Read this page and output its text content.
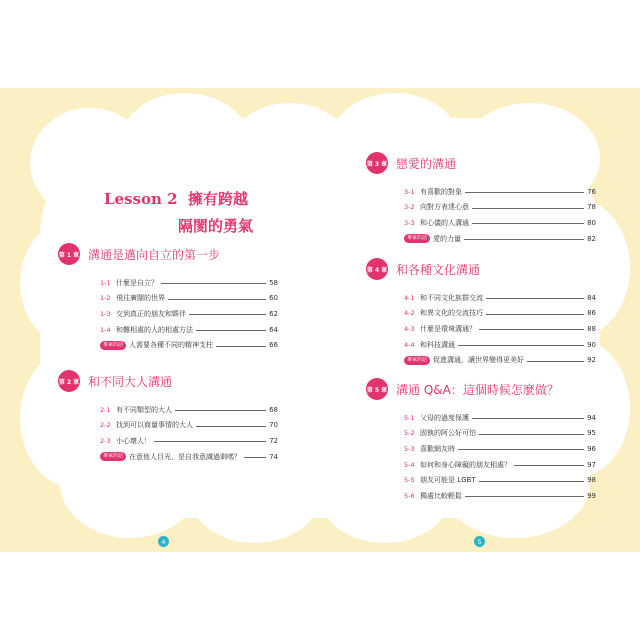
Lesson 2 擁有跨越
隔閡的勇氣
第 1 章 溝通是邁向自立的第一步
1-1 什麼是自立？	58
1-2 飛往廣闊的世界	60
1-3 交到真正的朋友和夥伴	62
1-4 和難相處的人的相處方法	64
專家的話 人需要各種不同的精神支柱	66
第 2 章 和不同大人溝通
2-1 有不同類型的大人	68
2-2 找到可以商量事情的大人	70
2-3 小心壞人！	72
專家的話 在意他人目光，是自我意識過剩嗎？	74
4
第 3 章 戀愛的溝通
3-1 有喜歡的對象	76
3-2 向對方表達心意	78
3-3 和心儀的人溝通	80
專家的話 愛的力量	82
第 4 章 和各種文化溝通
4-1 和不同文化族群交流	84
4-2 和異文化的交流技巧	86
4-3 什麼是環境溝通？	88
4-4 和科技溝通	90
專家的話 促進溝通，讓世界變得更美好	92
第 5 章 溝通 Q&A：這個時候怎麼做？
5-1 父母的過度保護	94
5-2 固執的阿公好可怕	95
5-3 喜歡網友時	96
5-4 如何和身心障礙的朋友相處？	97
5-5 朋友可能是 LGBT	98
5-6 獨處比較輕鬆	99
5
